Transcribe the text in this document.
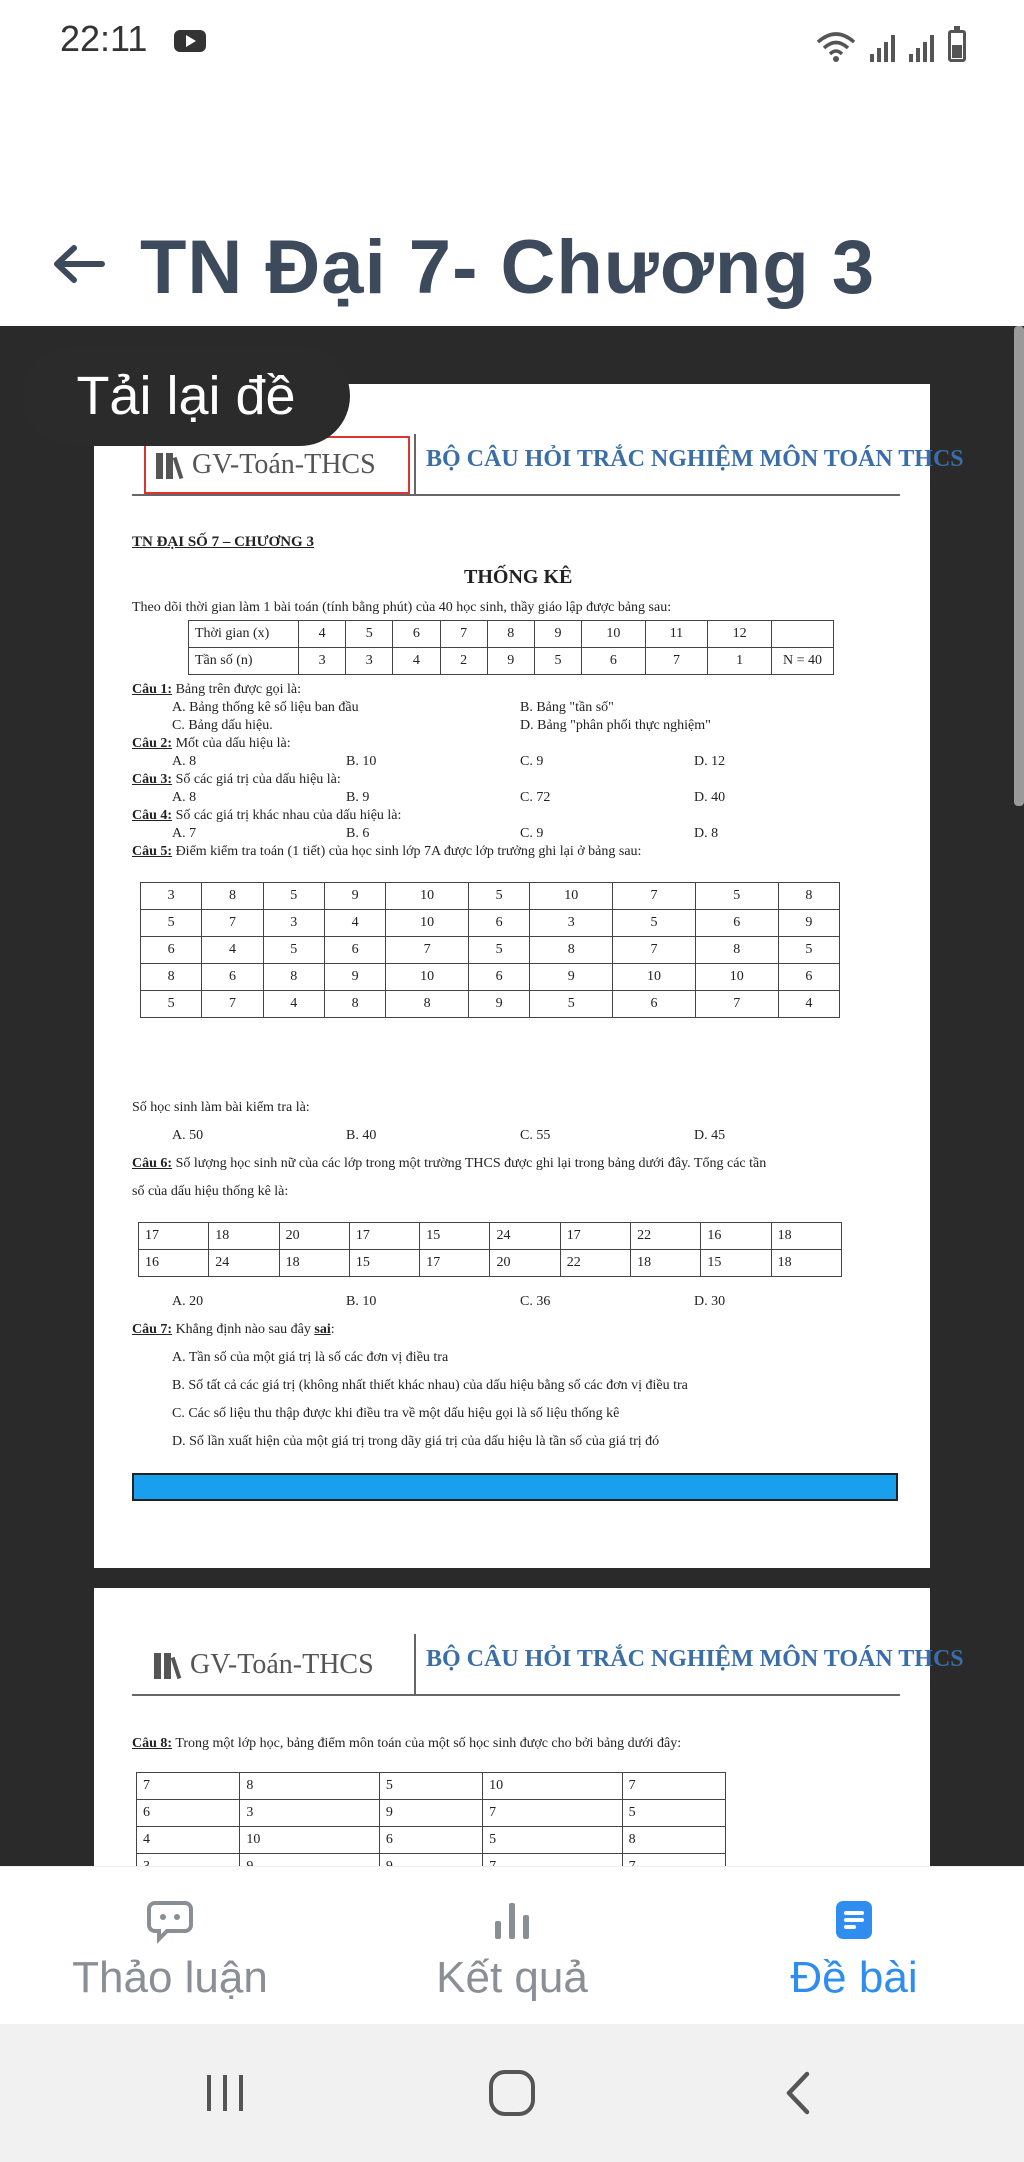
22:11
TN Đại 7- Chương 3
GV-Toán-THCS BỘ CÂU HỎI TRẮC NGHIỆM MÔN TOÁN THCS
TN ĐẠI SỐ 7 – CHƯƠNG 3
THỐNG KÊ
Theo dõi thời gian làm 1 bài toán (tính bằng phút) của 40 học sinh, thầy giáo lập được bảng sau:
Thời gian (x)	4	5	6	7	8	9	10	11	12	
Tần số (n)	3	3	4	2	9	5	6	7	1	N = 40
Câu 1: Bảng trên được gọi là:
A. Bảng thống kê số liệu ban đầu	B. Bảng "tần số"
C. Bảng dấu hiệu.	D. Bảng "phân phối thực nghiệm"
Câu 2: Mốt của dấu hiệu là:
A. 8	B. 10	C. 9	D. 12
Câu 3: Số các giá trị của dấu hiệu là:
A. 8	B. 9	C. 72	D. 40
Câu 4: Số các giá trị khác nhau của dấu hiệu là:
A. 7	B. 6	C. 9	D. 8
Câu 5: Điểm kiểm tra toán (1 tiết) của học sinh lớp 7A được lớp trưởng ghi lại ở bảng sau:
3	8	5	9	10	5	10	7	5	8
5	7	3	4	10	6	3	5	6	9
6	4	5	6	7	5	8	7	8	5
8	6	8	9	10	6	9	10	10	6
5	7	4	8	8	9	5	6	7	4
Số học sinh làm bài kiểm tra là:
A. 50	B. 40	C. 55	D. 45
Câu 6: Số lượng học sinh nữ của các lớp trong một trường THCS được ghi lại trong bảng dưới đây. Tổng các tần
số của dấu hiệu thống kê là:
17	18	20	17	15	24	17	22	16	18
16	24	18	15	17	20	22	18	15	18
A. 20	B. 10	C. 36	D. 30
Câu 7: Khẳng định nào sau đây sai:
A. Tần số của một giá trị là số các đơn vị điều tra
B. Số tất cả các giá trị (không nhất thiết khác nhau) của dấu hiệu bằng số các đơn vị điều tra
C. Các số liệu thu thập được khi điều tra về một dấu hiệu gọi là số liệu thống kê
D. Số lần xuất hiện của một giá trị trong dãy giá trị của dấu hiệu là tần số của giá trị đó
GV-Toán-THCS BỘ CÂU HỎI TRẮC NGHIỆM MÔN TOÁN THCS
Câu 8: Trong một lớp học, bảng điểm môn toán của một số học sinh được cho bởi bảng dưới đây:
7	8	5	10	7
6	3	9	7	5
4	10	6	5	8

Tải lại đề
Thảo luận	Kết quả	Đề bài
